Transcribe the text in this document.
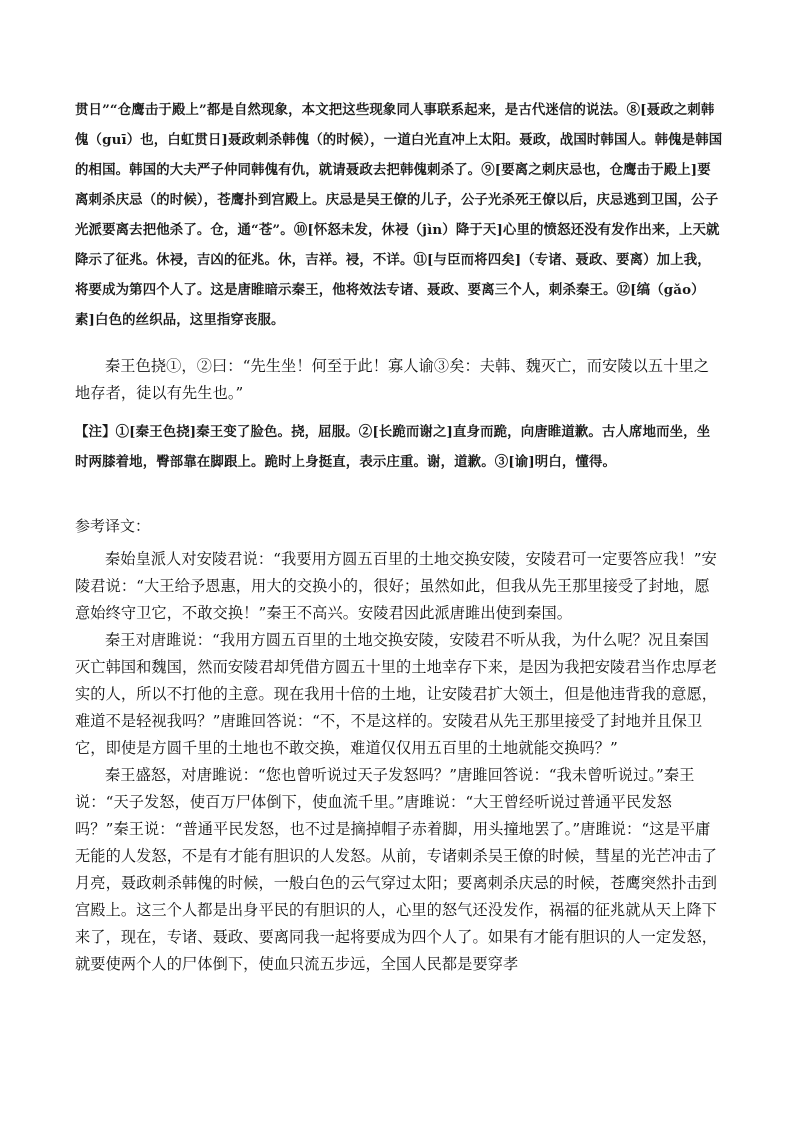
贯日”“仓鹰击于殿上”都是自然现象，本文把这些现象同人事联系起来，是古代迷信的说法。⑧[聂政之刺韩傀（guī）也，白虹贯日]聂政刺杀韩傀（的时候），一道白光直冲上太阳。聂政，战国时韩国人。韩傀是韩国的相国。韩国的大夫严子仲同韩傀有仇，就请聂政去把韩傀刺杀了。⑨[要离之刺庆忌也，仓鹰击于殿上]要离刺杀庆忌（的时候），苍鹰扑到宫殿上。庆忌是吴王僚的儿子，公子光杀死王僚以后，庆忌逃到卫国，公子光派要离去把他杀了。仓，通“苍”。⑩[怀怒未发，休祲（jìn）降于天]心里的愤怒还没有发作出来，上天就降示了征兆。休祲，吉凶的征兆。休，吉祥。祲，不详。⑪[与臣而将四矣]（专诸、聂政、要离）加上我，将要成为第四个人了。这是唐睢暗示秦王，他将效法专诸、聂政、要离三个人，刺杀秦王。⑫[缟（gǎo）素]白色的丝织品，这里指穿丧服。

秦王色挠①，②曰：“先生坐！何至于此！寡人谕③矣：夫韩、魏灭亡，而安陵以五十里之地存者，徒以有先生也。”

【注】①[秦王色挠]秦王变了脸色。挠，屈服。②[长跪而谢之]直身而跪，向唐睢道歉。古人席地而坐，坐时两膝着地，臀部靠在脚跟上。跪时上身挺直，表示庄重。谢，道歉。③[谕]明白，懂得。

参考译文：

秦始皇派人对安陵君说：“我要用方圆五百里的土地交换安陵，安陵君可一定要答应我！”安陵君说：“大王给予恩惠，用大的交换小的，很好；虽然如此，但我从先王那里接受了封地，愿意始终守卫它，不敢交换！”秦王不高兴。安陵君因此派唐雎出使到秦国。

秦王对唐雎说：“我用方圆五百里的土地交换安陵，安陵君不听从我，为什么呢？况且秦国灭亡韩国和魏国，然而安陵君却凭借方圆五十里的土地幸存下来，是因为我把安陵君当作忠厚老实的人，所以不打他的主意。现在我用十倍的土地，让安陵君扩大领土，但是他违背我的意愿，难道不是轻视我吗？”唐雎回答说：“不，不是这样的。安陵君从先王那里接受了封地并且保卫它，即使是方圆千里的土地也不敢交换，难道仅仅用五百里的土地就能交换吗？”

秦王盛怒，对唐雎说：“您也曾听说过天子发怒吗？”唐雎回答说：“我未曾听说过。”秦王说：“天子发怒，使百万尸体倒下，使血流千里。”唐雎说：“大王曾经听说过普通平民发怒吗？”秦王说：“普通平民发怒，也不过是摘掉帽子赤着脚，用头撞地罢了。”唐雎说：“这是平庸无能的人发怒，不是有才能有胆识的人发怒。从前，专诸刺杀吴王僚的时候，彗星的光芒冲击了月亮，聂政刺杀韩傀的时候，一般白色的云气穿过太阳；要离刺杀庆忌的时候，苍鹰突然扑击到宫殿上。这三个人都是出身平民的有胆识的人，心里的怒气还没发作，祸福的征兆就从天上降下来了，现在，专诸、聂政、要离同我一起将要成为四个人了。如果有才能有胆识的人一定发怒，就要使两个人的尸体倒下，使血只流五步远，全国人民都是要穿孝
